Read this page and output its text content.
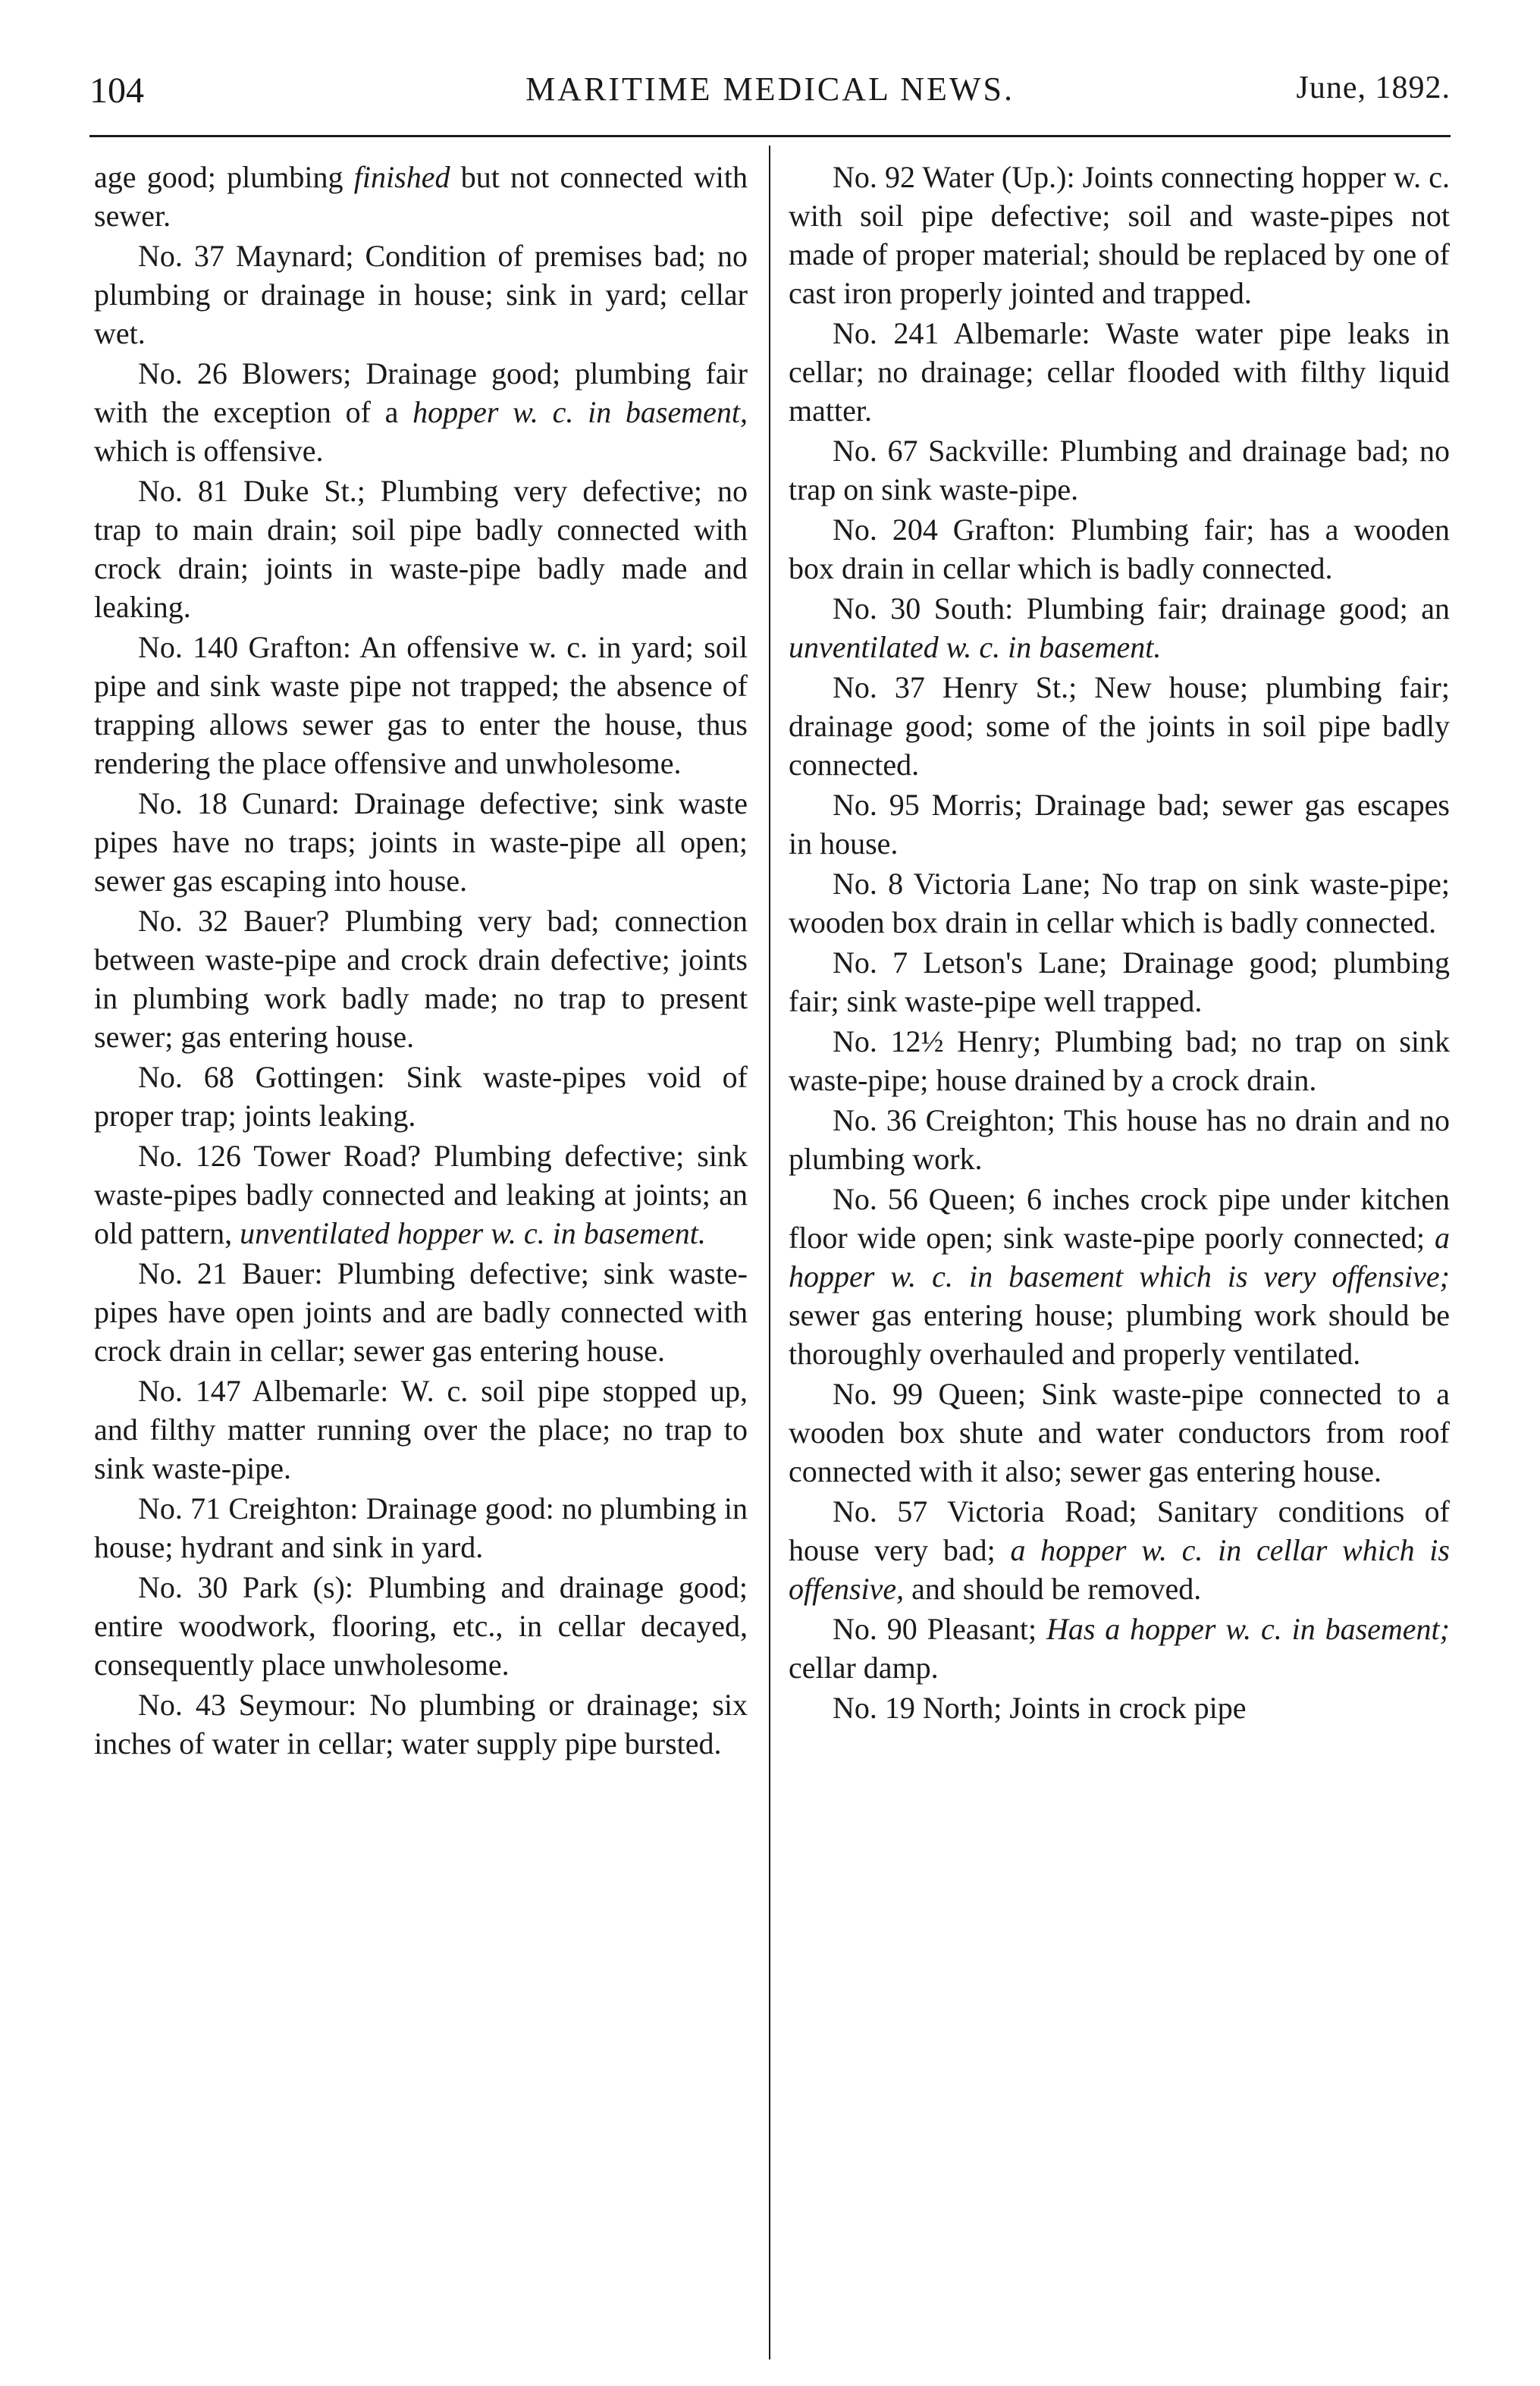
104	MARITIME MEDICAL NEWS.	June, 1892.

age good; plumbing finished but not connected with sewer.

No. 37 Maynard; Condition of premises bad; no plumbing or drainage in house; sink in yard; cellar wet.

No. 26 Blowers; Drainage good; plumbing fair with the exception of a hopper w. c. in basement, which is offensive.

No. 81 Duke St.; Plumbing very defective; no trap to main drain; soil pipe badly connected with crock drain; joints in waste-pipe badly made and leaking.

No. 140 Grafton: An offensive w. c. in yard; soil pipe and sink waste pipe not trapped; the absence of trapping allows sewer gas to enter the house, thus rendering the place offensive and unwholesome.

No. 18 Cunard: Drainage defective; sink waste pipes have no traps; joints in waste-pipe all open; sewer gas escaping into house.

No. 32 Bauer? Plumbing very bad; connection between waste-pipe and crock drain defective; joints in plumbing work badly made; no trap to present sewer; gas entering house.

No. 68 Gottingen: Sink waste-pipes void of proper trap; joints leaking.

No. 126 Tower Road? Plumbing defective; sink waste-pipes badly connected and leaking at joints; an old pattern, unventilated hopper w. c. in basement.

No. 21 Bauer: Plumbing defective; sink waste-pipes have open joints and are badly connected with crock drain in cellar; sewer gas entering house.

No. 147 Albemarle: W. c. soil pipe stopped up, and filthy matter running over the place; no trap to sink waste-pipe.

No. 71 Creighton: Drainage good: no plumbing in house; hydrant and sink in yard.

No. 30 Park (s): Plumbing and drainage good; entire woodwork, flooring, etc., in cellar decayed, consequently place unwholesome.

No. 43 Seymour: No plumbing or drainage; six inches of water in cellar; water supply pipe bursted.

No. 92 Water (Up.): Joints connecting hopper w. c. with soil pipe defective; soil and waste-pipes not made of proper material; should be replaced by one of cast iron properly jointed and trapped.

No. 241 Albemarle: Waste water pipe leaks in cellar; no drainage; cellar flooded with filthy liquid matter.

No. 67 Sackville: Plumbing and drainage bad; no trap on sink waste-pipe.

No. 204 Grafton: Plumbing fair; has a wooden box drain in cellar which is badly connected.

No. 30 South: Plumbing fair; drainage good; an unventilated w. c. in basement.

No. 37 Henry St.; New house; plumbing fair; drainage good; some of the joints in soil pipe badly connected.

No. 95 Morris; Drainage bad; sewer gas escapes in house.

No. 8 Victoria Lane; No trap on sink waste-pipe; wooden box drain in cellar which is badly connected.

No. 7 Letson's Lane; Drainage good; plumbing fair; sink waste-pipe well trapped.

No. 12½ Henry; Plumbing bad; no trap on sink waste-pipe; house drained by a crock drain.

No. 36 Creighton; This house has no drain and no plumbing work.

No. 56 Queen; 6 inches crock pipe under kitchen floor wide open; sink waste-pipe poorly connected; a hopper w. c. in basement which is very offensive; sewer gas entering house; plumbing work should be thoroughly overhauled and properly ventilated.

No. 99 Queen; Sink waste-pipe connected to a wooden box shute and water conductors from roof connected with it also; sewer gas entering house.

No. 57 Victoria Road; Sanitary conditions of house very bad; a hopper w. c. in cellar which is offensive, and should be removed.

No. 90 Pleasant; Has a hopper w. c. in basement; cellar damp.

No. 19 North; Joints in crock pipe
